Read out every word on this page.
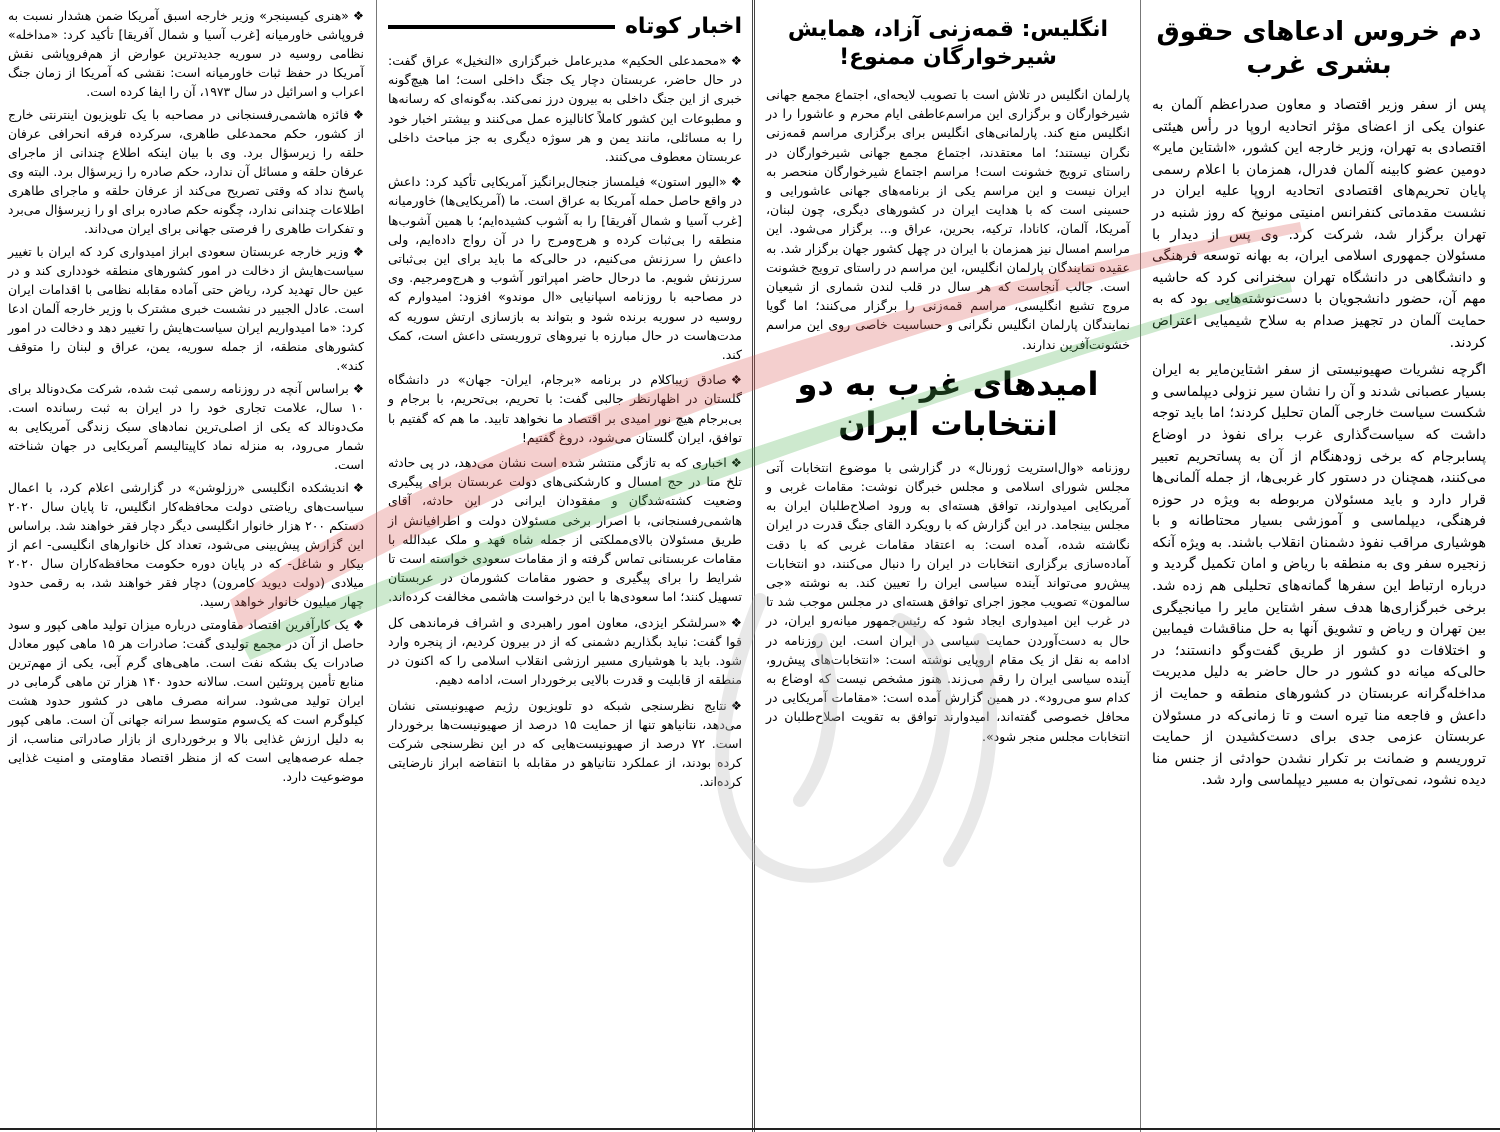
دم خروس ادعاهای حقوق بشری غرب

پس از سفر وزیر اقتصاد و معاون صدراعظم آلمان به عنوان یکی از اعضای مؤثر اتحادیه اروپا در رأس هیئتی اقتصادی به تهران، وزیر خارجه این کشور، «اشتاین مایر» دومین عضو کابینه آلمان فدرال، همزمان با اعلام رسمی پایان تحریم‌های اقتصادی اتحادیه اروپا علیه ایران در نشست مقدماتی کنفرانس امنیتی مونیخ که روز شنبه در تهران برگزار شد، شرکت کرد. وی پس از دیدار با مسئولان جمهوری اسلامی ایران، به بهانه توسعه فرهنگی و دانشگاهی در دانشگاه تهران سخنرانی کرد که حاشیه مهم آن، حضور دانشجویان با دست‌نوشته‌هایی بود که به حمایت آلمان در تجهیز صدام به سلاح شیمیایی اعتراض کردند.

اگرچه نشریات صهیونیستی از سفر اشتاین‌مایر به ایران بسیار عصبانی شدند و آن را نشان سیر نزولی دیپلماسی و شکست سیاست خارجی آلمان تحلیل کردند؛ اما باید توجه داشت که سیاست‌گذاری غرب برای نفوذ در اوضاع پسابرجام که برخی زودهنگام از آن به پساتحریم تعبیر می‌کنند، همچنان در دستور کار غربی‌ها، از جمله آلمانی‌ها قرار دارد و باید مسئولان مربوطه به ویژه در حوزه فرهنگی، دیپلماسی و آموزشی بسیار محتاطانه و با هوشیاری مراقب نفوذ دشمنان انقلاب باشند. به ویژه آنکه زنجیره سفر وی به منطقه با ریاض و امان تکمیل گردید و درباره ارتباط این سفرها گمانه‌های تحلیلی هم زده شد. برخی خبرگزاری‌ها هدف سفر اشتاین مایر را میانجیگری بین تهران و ریاض و تشویق آنها به حل مناقشات فیمابین و اختلافات دو کشور از طریق گفت‌وگو دانستند؛ در حالی‌که میانه دو کشور در حال حاضر به دلیل مدیریت مداخله‌گرانه عربستان در کشورهای منطقه و حمایت از داعش و فاجعه منا تیره است و تا زمانی‌که در مسئولان عربستان عزمی جدی برای دست‌کشیدن از حمایت تروریسم و ضمانت بر تکرار نشدن حوادثی از جنس منا دیده نشود، نمی‌توان به مسیر دیپلماسی وارد شد.

انگلیس: قمه‌زنی آزاد، همایش شیرخوارگان ممنوع!

پارلمان انگلیس در تلاش است با تصویب لایحه‌ای، اجتماع مجمع جهانی شیرخوارگان و برگزاری این مراسم‌عاطفی ایام محرم و عاشورا را در انگلیس منع کند. پارلمانی‌های انگلیس برای برگزاری مراسم قمه‌زنی نگران نیستند؛ اما معتقدند، اجتماع مجمع جهانی شیرخوارگان در راستای ترویج خشونت است! مراسم اجتماع شیرخوارگان منحصر به ایران نیست و این مراسم یکی از برنامه‌های جهانی عاشورایی و حسینی است که با هدایت ایران در کشورهای دیگری، چون لبنان، آمریکا، آلمان، کانادا، ترکیه، بحرین، عراق و... برگزار می‌شود. این مراسم امسال نیز همزمان با ایران در چهل کشور جهان برگزار شد. به عقیده نمایندگان پارلمان انگلیس، این مراسم در راستای ترویج خشونت است. جالب آنجاست که هر سال در قلب لندن شماری از شیعیان مروج تشیع انگلیسی، مراسم قمه‌زنی را برگزار می‌کنند؛ اما گویا نمایندگان پارلمان انگلیس نگرانی و حساسیت خاصی روی این مراسم خشونت‌آفرین ندارند.

امیدهای غرب به دو انتخابات ایران

روزنامه «وال‌استریت ژورنال» در گزارشی با موضوع انتخابات آتی مجلس شورای اسلامی و مجلس خبرگان نوشت: مقامات غربی و آمریکایی امیدوارند، توافق هسته‌ای به ورود اصلاح‌طلبان ایران به مجلس بینجامد. در این گزارش که با رویکرد القای جنگ قدرت در ایران نگاشته شده، آمده است: به اعتقاد مقامات غربی که با دقت آماده‌سازی برگزاری انتخابات در ایران را دنبال می‌کنند، دو انتخابات پیش‌رو می‌تواند آینده سیاسی ایران را تعیین کند. به نوشته «جی سالمون» تصویب مجوز اجرای توافق هسته‌ای در مجلس موجب شد تا در غرب این امیدواری ایجاد شود که رئیس‌جمهور میانه‌رو ایران، در حال به دست‌آوردن حمایت سیاسی در ایران است. این روزنامه در ادامه به نقل از یک مقام اروپایی نوشته است: «انتخابات‌های پیش‌رو، آینده سیاسی ایران را رقم می‌زند. هنوز مشخص نیست که اوضاع به کدام سو می‌رود». در همین گزارش آمده است: «مقامات آمریکایی در محافل خصوصی گفته‌اند، امیدوارند توافق به تقویت اصلاح‌طلبان در انتخابات مجلس منجر شود».

اخبار کوتاه

❖«محمدعلی الحکیم» مدیرعامل خبرگزاری «النخیل» عراق گفت: در حال حاضر، عربستان دچار یک جنگ داخلی است؛ اما هیچ‌گونه خبری از این جنگ داخلی به بیرون درز نمی‌کند. به‌گونه‌ای که رسانه‌ها و مطبوعات این کشور کاملاً کانالیزه عمل می‌کنند و بیشتر اخبار خود را به مسائلی، مانند یمن و هر سوژه دیگری به جز مباحث داخلی عربستان معطوف می‌کنند.

❖«الیور استون» فیلمساز جنجال‌برانگیز آمریکایی تأکید کرد: داعش در واقع حاصل حمله آمریکا به عراق است. ما (آمریکایی‌ها) خاورمیانه [غرب آسیا و شمال آفریقا] را به آشوب کشیده‌ایم؛ با همین آشوب‌ها منطقه را بی‌ثبات کرده و هرج‌ومرج را در آن رواج داده‌ایم، ولی داعش را سرزنش می‌کنیم، در حالی‌که ما باید برای این بی‌ثباتی سرزنش شویم. ما درحال حاضر امپراتور آشوب و هرج‌ومرجیم. وی در مصاحبه با روزنامه اسپانیایی «ال موندو» افزود: امیدوارم که روسیه در سوریه برنده شود و بتواند به بازسازی ارتش سوریه که مدت‌هاست در حال مبارزه با نیروهای تروریستی داعش است، کمک کند.

❖صادق زیباکلام در برنامه «برجام، ایران- جهان» در دانشگاه گلستان در اظهارنظر جالبی گفت: با تحریم، بی‌تحریم، با برجام و بی‌برجام هیچ نور امیدی بر اقتصاد ما نخواهد تابید. ما هم که گفتیم با توافق، ایران گلستان می‌شود، دروغ گفتیم!

❖اخباری که به تازگی منتشر شده است نشان می‌دهد، در پی حادثه تلخ منا در حج امسال و کارشکنی‌های دولت عربستان برای پیگیری وضعیت کشته‌شدگان و مفقودان ایرانی در این حادثه، آقای هاشمی‌رفسنجانی، با اصرار برخی مسئولان دولت و اطرافیانش از طریق مسئولان بالای‌مملکتی از جمله شاه فهد و ملک عبدالله با مقامات عربستانی تماس گرفته و از مقامات سعودی خواسته است تا شرایط را برای پیگیری و حضور مقامات کشورمان در عربستان تسهیل کنند؛ اما سعودی‌ها با این درخواست هاشمی مخالفت کرده‌اند.

❖«سرلشکر ایزدی، معاون امور راهبردی و اشراف فرماندهی کل قوا گفت: نباید بگذاریم دشمنی که از در بیرون کردیم، از پنجره وارد شود. باید با هوشیاری مسیر ارزشی انقلاب اسلامی را که اکنون در منطقه از قابلیت و قدرت بالایی برخوردار است، ادامه دهیم.

❖نتایج نظرسنجی شبکه دو تلویزیون رژیم صهیونیستی نشان می‌دهد، نتانیاهو تنها از حمایت ۱۵ درصد از صهیونیست‌ها برخوردار است. ۷۲ درصد از صهیونیست‌هایی که در این نظرسنجی شرکت کرده بودند، از عملکرد نتانیاهو در مقابله با انتفاضه ابراز نارضایتی کرده‌اند.

❖«هنری کیسینجر» وزیر خارجه اسبق آمریکا ضمن هشدار نسبت به فروپاشی خاورمیانه [غرب آسیا و شمال آفریقا] تأکید کرد: «مداخله» نظامی روسیه در سوریه جدیدترین عوارض از هم‌فروپاشی نقش آمریکا در حفظ ثبات خاورمیانه است: نقشی که آمریکا از زمان جنگ اعراب و اسرائیل در سال ۱۹۷۳، آن را ایفا کرده است.

❖فائزه هاشمی‌رفسنجانی در مصاحبه با یک تلویزیون اینترنتی خارج از کشور، حکم محمدعلی طاهری، سرکرده فرقه انحرافی عرفان حلقه را زیرسؤال برد. وی با بیان اینکه اطلاع چندانی از ماجرای عرفان حلقه و مسائل آن ندارد، حکم صادره را زیرسؤال برد. البته وی پاسخ نداد که وقتی تصریح می‌کند از عرفان حلقه و ماجرای طاهری اطلاعات چندانی ندارد، چگونه حکم صادره برای او را زیرسؤال می‌برد و تفکرات طاهری را فرصتی جهانی برای ایران می‌داند.

❖وزیر خارجه عربستان سعودی ابراز امیدواری کرد که ایران با تغییر سیاست‌هایش از دخالت در امور کشورهای منطقه خودداری کند و در عین حال تهدید کرد، ریاض حتی آماده مقابله نظامی با اقدامات ایران است. عادل الجبیر در نشست خبری مشترک با وزیر خارجه آلمان ادعا کرد: «ما امیدواریم ایران سیاست‌هایش را تغییر دهد و دخالت در امور کشورهای منطقه، از جمله سوریه، یمن، عراق و لبنان را متوقف کند».

❖براساس آنچه در روزنامه رسمی ثبت شده، شرکت مک‌دونالد برای ۱۰ سال، علامت تجاری خود را در ایران به ثبت رسانده است. مک‌دونالد که یکی از اصلی‌ترین نمادهای سبک زندگی آمریکایی به شمار می‌رود، به منزله نماد کاپیتالیسم آمریکایی در جهان شناخته است.

❖اندیشکده انگلیسی «رزلوشن» در گزارشی اعلام کرد، با اعمال سیاست‌های ریاضتی دولت محافظه‌کار انگلیس، تا پایان سال ۲۰۲۰ دستکم ۲۰۰ هزار خانوار انگلیسی دیگر دچار فقر خواهند شد. براساس این گزارش پیش‌بینی می‌شود، تعداد کل خانوارهای انگلیسی- اعم از بیکار و شاغل- که در پایان دوره حکومت محافظه‌کاران سال ۲۰۲۰ میلادی (دولت دیوید کامرون) دچار فقر خواهند شد، به رقمی حدود چهار میلیون خانوار خواهد رسید.

❖یک کارآفرین اقتصاد مقاومتی درباره میزان تولید ماهی کپور و سود حاصل از آن در مجمع تولیدی گفت: صادرات هر ۱۵ ماهی کپور معادل صادرات یک بشکه نفت است. ماهی‌های گرم آبی، یکی از مهم‌ترین منابع تأمین پروتئین است. سالانه حدود ۱۴۰ هزار تن ماهی گرمابی در ایران تولید می‌شود. سرانه مصرف ماهی در کشور حدود هشت کیلوگرم است که یک‌سوم متوسط سرانه جهانی آن است. ماهی کپور به دلیل ارزش غذایی بالا و برخورداری از بازار صادراتی مناسب، از جمله عرصه‌هایی است که از منظر اقتصاد مقاومتی و امنیت غذایی موضوعیت دارد.
